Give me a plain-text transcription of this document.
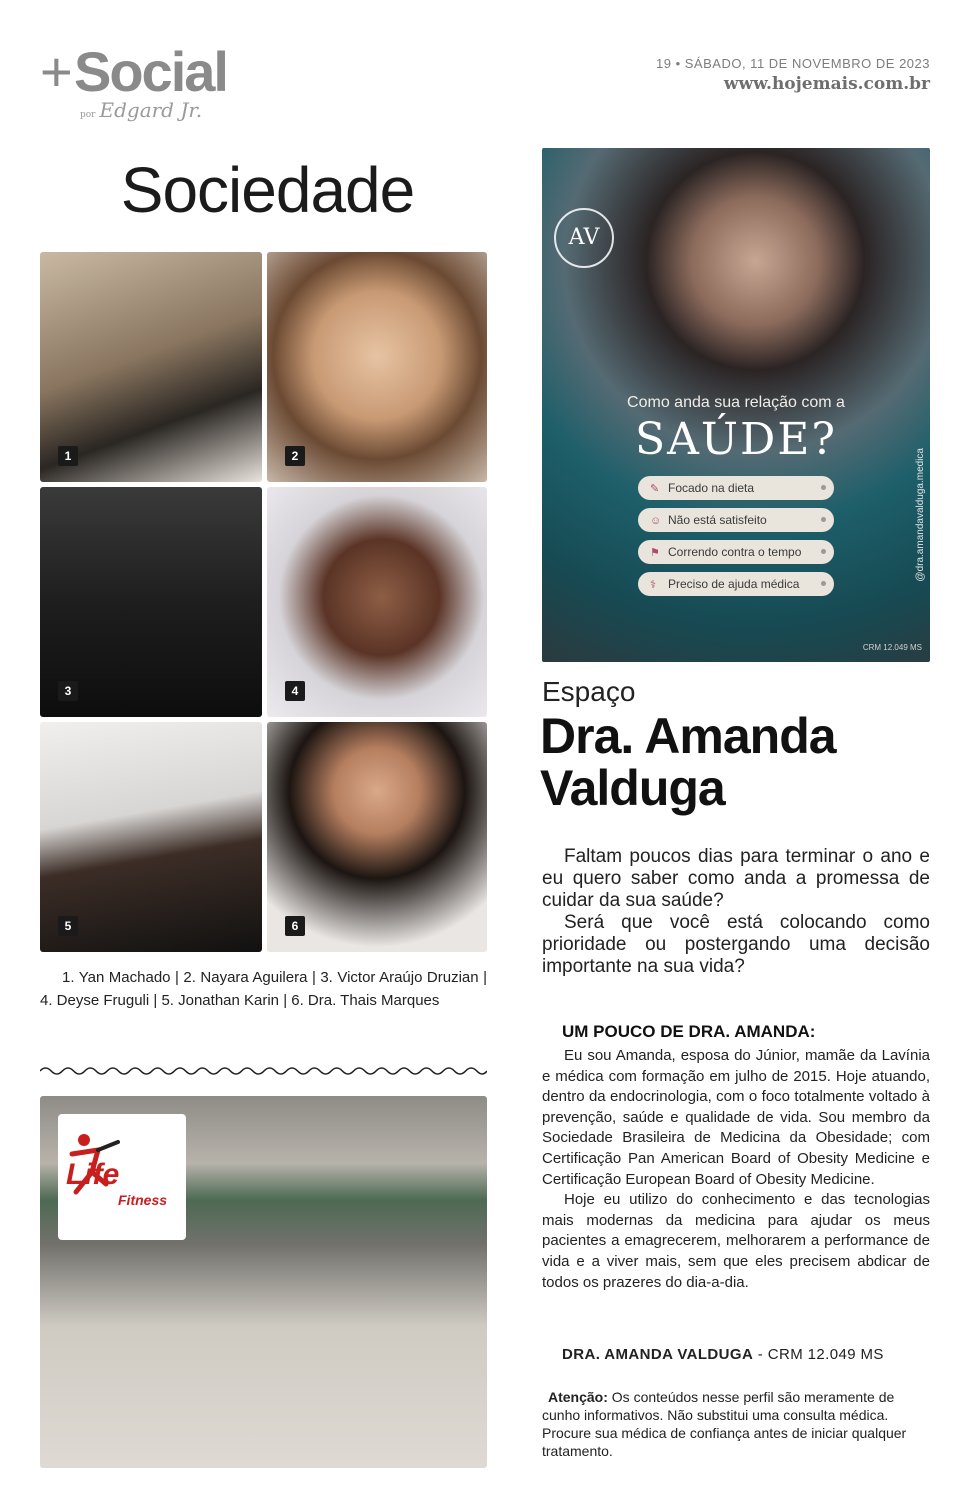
+ Social
por Edgard Jr.
19 • SÁBADO, 11 DE NOVEMBRO DE 2023
www.hojemais.com.br
Sociedade
1	2
3	4
5	6
1. Yan Machado | 2. Nayara Aguilera | 3. Victor Araújo Druzian | 4. Deyse Fruguli | 5. Jonathan Karin | 6. Dra. Thais Marques
Life
Fitness
AV
Como anda sua relação com a
SAÚDE?
✎ Focado na dieta
☺ Não está satisfeito
⚑ Correndo contra o tempo
⚕ Preciso de ajuda médica
@dra.amandavalduga.medica
CRM 12.049 MS
Espaço
Dra. Amanda Valduga

Faltam poucos dias para terminar o ano e eu quero saber como anda a promessa de cuidar da sua saúde?

Será que você está colocando como prioridade ou postergando uma decisão importante na sua vida?

UM POUCO DE DRA. AMANDA:

Eu sou Amanda, esposa do Júnior, mamãe da Lavínia e médica com formação em julho de 2015. Hoje atuando, dentro da endocrinologia, com o foco totalmente voltado à prevenção, saúde e qualidade de vida. Sou membro da Sociedade Brasileira de Medicina da Obesidade; com Certificação Pan American Board of Obesity Medicine e Certificação European Board of Obesity Medicine.

Hoje eu utilizo do conhecimento e das tecnologias mais modernas da medicina para ajudar os meus pacientes a emagrecerem, melhorarem a performance de vida e a viver mais, sem que eles precisem abdicar de todos os prazeres do dia-a-dia.

DRA. AMANDA VALDUGA - CRM 12.049 MS
Atenção: Os conteúdos nesse perfil são meramente de cunho informativos. Não substitui uma consulta médica. Procure sua médica de confiança antes de iniciar qualquer tratamento.
